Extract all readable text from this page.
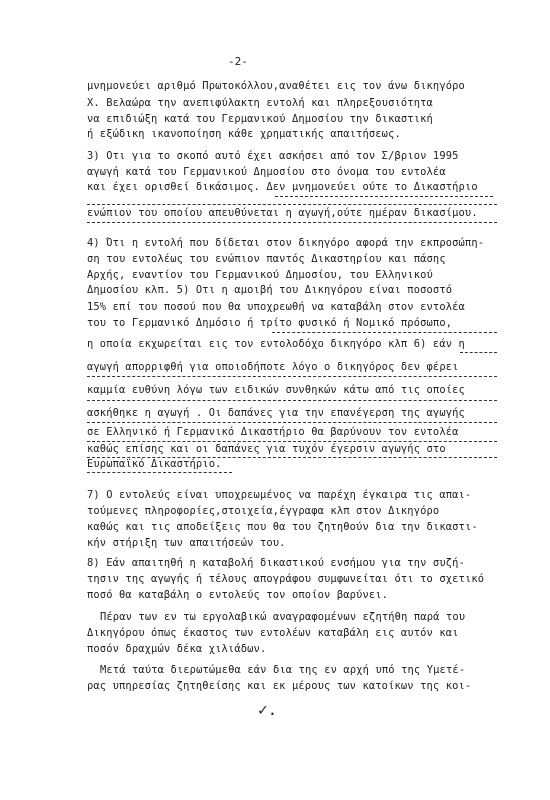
-2-
μνημονεύει αριθμό Πρωτοκόλλου,αναθέτει εις τον άνω δικηγόρο
Χ. Βελαώρα την ανεπιφύλακτη εντολή και πληρεξουσιότητα
να επιδιώξη κατά του Γερμανικού Δημοσίου την δικαστική
ή εξώδικη ικανοποίηση κάθε χρηματικής απαιτήσεως.
3) Οτι για το σκοπό αυτό έχει ασκήσει από τον Σ/βριον 1995
αγωγή κατά του Γερμανικού Δημοσίου στο όνομα του εντολέα
και έχει ορισθεί δικάσιμος. Δεν μνημονεύει ούτε το Δικαστήριο
ενώπιον του οποίου απευθύνεται η αγωγή,ούτε ημέραν δικασίμου.
4) Ότι η εντολή που δίδεται στον δικηγόρο αφορά την εκπροσώπη-
ση του εντολέως του ενώπιον παντός Δικαστηρίου και πάσης
Αρχής, εναντίον του Γερμανικού Δημοσίου, του Ελληνικού
Δημοσίου κλπ. 5) Οτι η αμοιβή του Δικηγόρου είναι ποσοστό
15% επί του ποσού που θα υποχρεωθή να καταβάλη στον εντολέα
του το Γερμανικό Δημόσιο ή τρίτο φυσικό ή Νομικό πρόσωπο,
η οποία εκχωρείται εις τον εντολοδόχο δικηγόρο κλπ 6) εάν η
αγωγή απορριφθή για οποιοδήποτε λόγο ο δικηγόρος δεν φέρει
καμμία ευθύνη λόγω των ειδικών συνθηκών κάτω από τις οποίες
ασκήθηκε η αγωγή . Οι δαπάνες για την επανέγερση της αγωγής
σε Ελληνικό ή Γερμανικό Δικαστήριο θα βαρύνουν τον εντολέα
καθώς επίσης και οι δαπάνες για τυχόν έγερσιν αγωγής στο
Ευρωπαϊκό Δικαστήριο.
7) Ο εντολεύς είναι υποχρεωμένος να παρέχη έγκαιρα τις απαι-
τούμενες πληροφορίες,στοιχεία,έγγραφα κλπ στον Δικηγόρο
καθώς και τις αποδείξεις που θα του ζητηθούν δια την δικαστι-
κήν στήριξη των απαιτήσεών του.
8) Εάν απαιτηθή η καταβολή δικαστικού ενσήμου για την συζή-
τησιν της αγωγής ή τέλους απογράφου συμφωνείται ότι το σχετικό
ποσό θα καταβάλη ο εντολεύς τον οποίον βαρύνει.
Πέραν των εν τω εργολαβικώ αναγραφομένων εζητήθη παρά του
Δικηγόρου όπως έκαστος των εντολέων καταβάλη εις αυτόν και
ποσόν δραχμών δέκα χιλιάδων.
Μετά ταύτα διερωτώμεθα εάν δια της εν αρχή υπό της Υμετέ-
ρας υπηρεσίας ζητηθείσης και εκ μέρους των κατοίκων της κοι-
✓.
